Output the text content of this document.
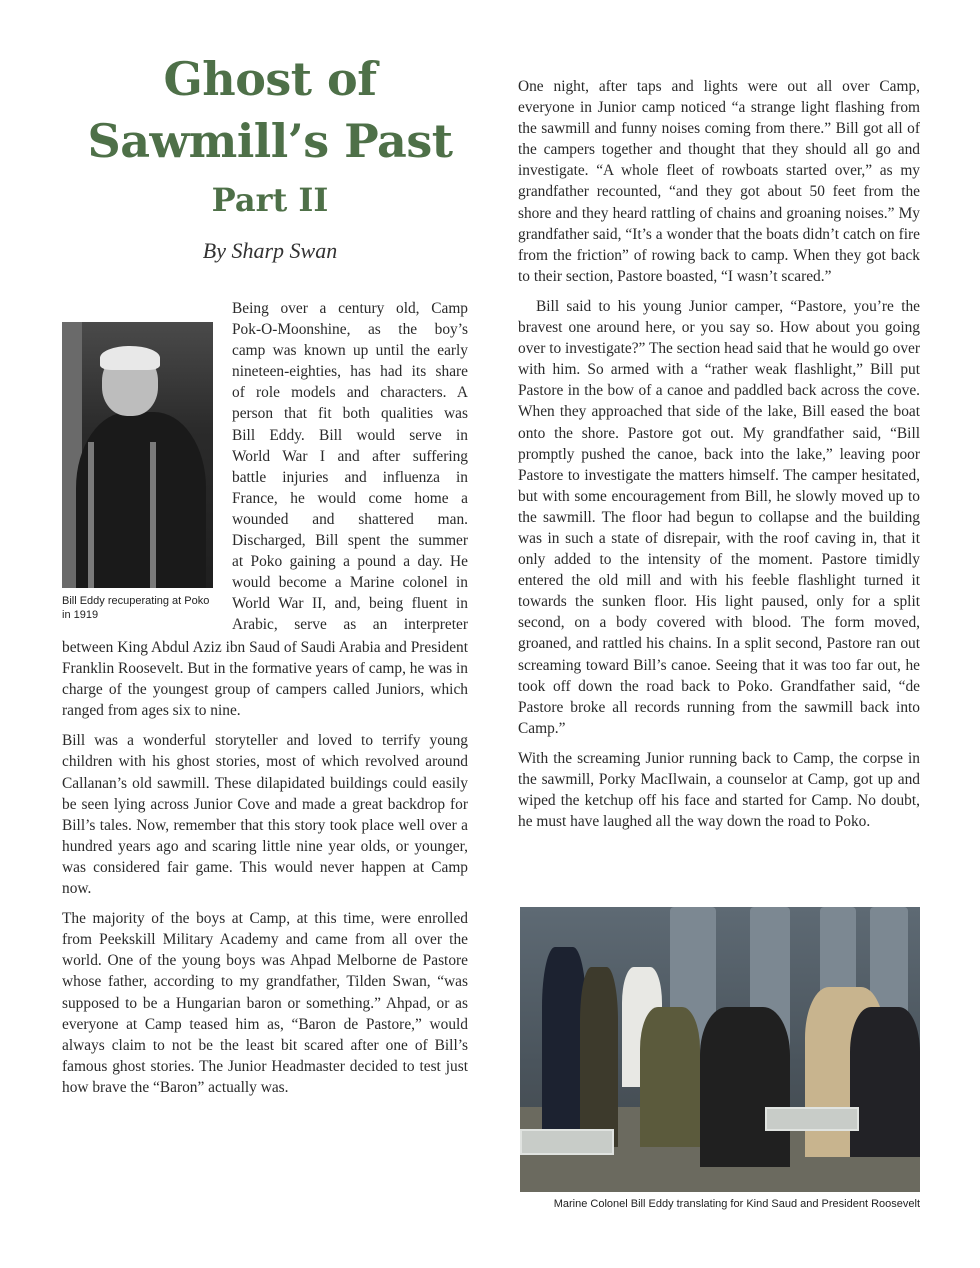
Ghost of
Sawmill’s Past
Part II
By Sharp Swan
Bill Eddy recuperating at Poko in 1919
Being over a century old, Camp
Pok-O-Moonshine, as the boy’s
camp was known up until the early
nineteen-eighties, has had its share
of role models and characters. A
person that fit both qualities was
Bill Eddy. Bill would serve in
World War I and after suffering
battle injuries and influenza in
France, he would come home a
wounded and shattered man.
Discharged, Bill spent the summer
at Poko gaining a pound a day. He
would become a Marine colonel in
World War II, and, being fluent in
Arabic, serve as an interpreter

between King Abdul Aziz ibn Saud of Saudi Arabia and President Franklin Roosevelt. But in the formative years of camp, he was in charge of the youngest group of campers called Juniors, which ranged from ages six to nine.

Bill was a wonderful storyteller and loved to terrify young children with his ghost stories, most of which revolved around Callanan’s old sawmill. These dilapidated buildings could easily be seen lying across Junior Cove and made a great backdrop for Bill’s tales. Now, remember that this story took place well over a hundred years ago and scaring little nine year olds, or younger, was considered fair game. This would never happen at Camp now.

The majority of the boys at Camp, at this time, were enrolled from Peekskill Military Academy and came from all over the world. One of the young boys was Ahpad Melborne de Pastore whose father, according to my grandfather, Tilden Swan, “was supposed to be a Hungarian baron or something.” Ahpad, or as everyone at Camp teased him as, “Baron de Pastore,” would always claim to not be the least bit scared after one of Bill’s famous ghost stories. The Junior Headmaster decided to test just how brave the “Baron” actually was.

One night, after taps and lights were out all over Camp, everyone in Junior camp noticed “a strange light flashing from the sawmill and funny noises coming from there.” Bill got all of the campers together and thought that they should all go and investigate. “A whole fleet of rowboats started over,” as my grandfather recounted, “and they got about 50 feet from the shore and they heard rattling of chains and groaning noises.” My grandfather said, “It’s a wonder that the boats didn’t catch on fire from the friction” of rowing back to camp. When they got back to their section, Pastore boasted, “I wasn’t scared.”

Bill said to his young Junior camper, “Pastore, you’re the bravest one around here, or you say so. How about you going over to investigate?” The section head said that he would go over with him. So armed with a “rather weak flashlight,” Bill put Pastore in the bow of a canoe and paddled back across the cove. When they approached that side of the lake, Bill eased the boat onto the shore. Pastore got out. My grandfather said, “Bill promptly pushed the canoe, back into the lake,” leaving poor Pastore to investigate the matters himself. The camper hesitated, but with some encouragement from Bill, he slowly moved up to the sawmill. The floor had begun to collapse and the building was in such a state of disrepair, with the roof caving in, that it only added to the intensity of the moment. Pastore timidly entered the old mill and with his feeble flashlight turned it towards the sunken floor. His light paused, only for a split second, on a body covered with blood. The form moved, groaned, and rattled his chains. In a split second, Pastore ran out screaming toward Bill’s canoe. Seeing that it was too far out, he took off down the road back to Poko. Grandfather said, “de Pastore broke all records running from the sawmill back into Camp.”

With the screaming Junior running back to Camp, the corpse in the sawmill, Porky MacIlwain, a counselor at Camp, got up and wiped the ketchup off his face and started for Camp. No doubt, he must have laughed all the way down the road to Poko.

Marine Colonel Bill Eddy translating for Kind Saud and President Roosevelt
